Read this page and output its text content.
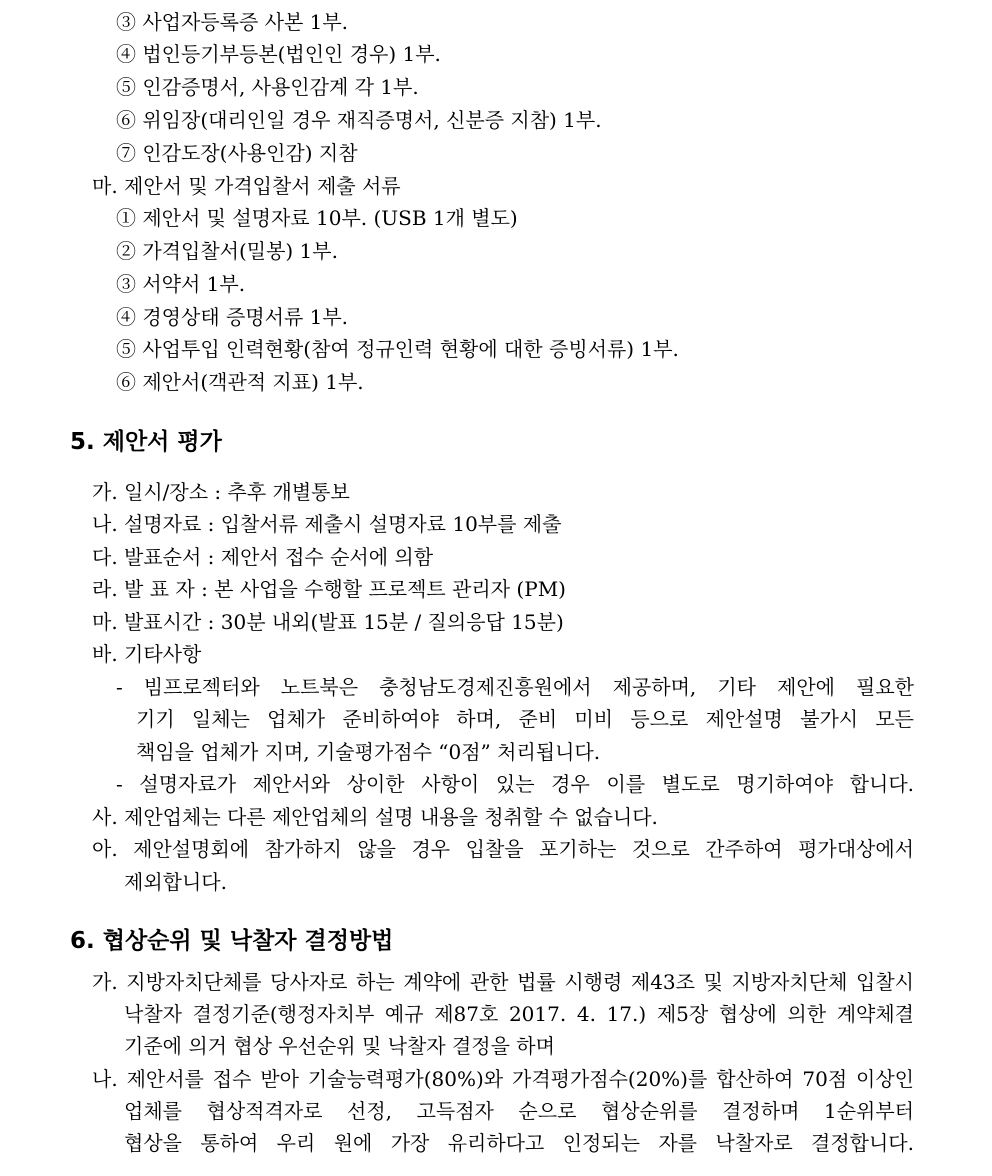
③ 사업자등록증 사본 1부.
④ 법인등기부등본(법인인 경우) 1부.
⑤ 인감증명서, 사용인감계 각 1부.
⑥ 위임장(대리인일 경우 재직증명서, 신분증 지참) 1부.
⑦ 인감도장(사용인감) 지참
마. 제안서 및 가격입찰서 제출 서류
① 제안서 및 설명자료 10부. (USB 1개 별도)
② 가격입찰서(밀봉) 1부.
③ 서약서 1부.
④ 경영상태 증명서류 1부.
⑤ 사업투입 인력현황(참여 정규인력 현황에 대한 증빙서류) 1부.
⑥ 제안서(객관적 지표) 1부.
5. 제안서 평가
가. 일시/장소 : 추후 개별통보
나. 설명자료 : 입찰서류 제출시 설명자료 10부를 제출
다. 발표순서 : 제안서 접수 순서에 의함
라. 발 표 자 : 본 사업을 수행할 프로젝트 관리자 (PM)
마. 발표시간 : 30분 내외(발표 15분 / 질의응답 15분)
바. 기타사항
- 빔프로젝터와 노트북은 충청남도경제진흥원에서 제공하며, 기타 제안에 필요한
기기 일체는 업체가 준비하여야 하며, 준비 미비 등으로 제안설명 불가시 모든
책임을 업체가 지며, 기술평가점수 “0점” 처리됩니다.
- 설명자료가 제안서와 상이한 사항이 있는 경우 이를 별도로 명기하여야 합니다.
사. 제안업체는 다른 제안업체의 설명 내용을 청취할 수 없습니다.
아. 제안설명회에 참가하지 않을 경우 입찰을 포기하는 것으로 간주하여 평가대상에서
제외합니다.
6. 협상순위 및 낙찰자 결정방법
가. 지방자치단체를 당사자로 하는 계약에 관한 법률 시행령 제43조 및 지방자치단체 입찰시
낙찰자 결정기준(행정자치부 예규 제87호 2017. 4. 17.) 제5장 협상에 의한 계약체결
기준에 의거 협상 우선순위 및 낙찰자 결정을 하며
나. 제안서를 접수 받아 기술능력평가(80%)와 가격평가점수(20%)를 합산하여 70점 이상인
업체를 협상적격자로 선정, 고득점자 순으로 협상순위를 결정하며 1순위부터
협상을 통하여 우리 원에 가장 유리하다고 인정되는 자를 낙찰자로 결정합니다.
